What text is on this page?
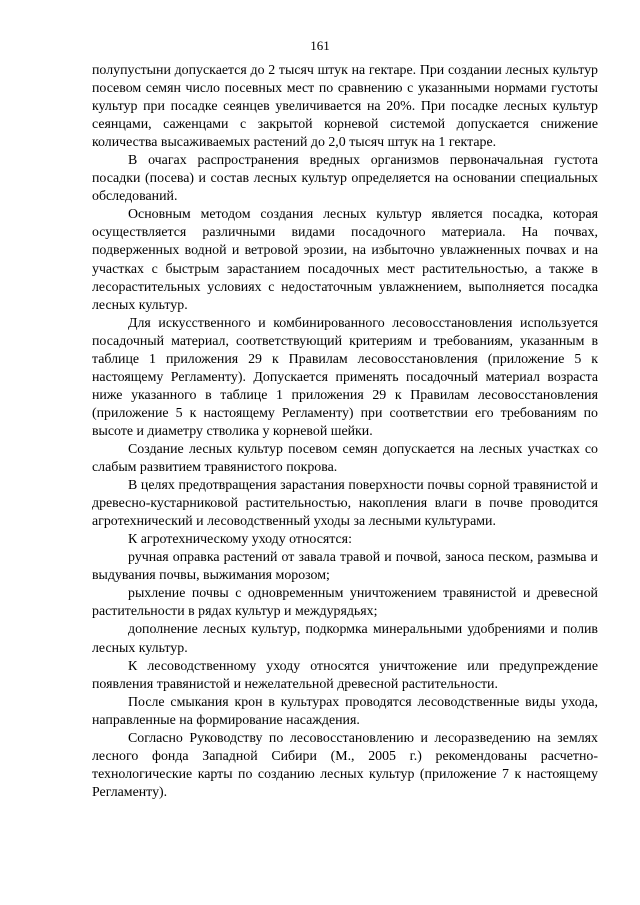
161

полупустыни допускается до 2 тысяч штук на гектаре. При создании лесных культур посевом семян число посевных мест по сравнению с указанными нормами густоты культур при посадке сеянцев увеличивается на 20%. При посадке лесных культур сеянцами, саженцами с закрытой корневой системой допускается снижение количества высаживаемых растений до 2,0 тысяч штук на 1 гектаре.

В очагах распространения вредных организмов первоначальная густота посадки (посева) и состав лесных культур определяется на основании специальных обследований.

Основным методом создания лесных культур является посадка, которая осуществляется различными видами посадочного материала. На почвах, подверженных водной и ветровой эрозии, на избыточно увлажненных почвах и на участках с быстрым зарастанием посадочных мест растительностью, а также в лесорастительных условиях с недостаточным увлажнением, выполняется посадка лесных культур.

Для искусственного и комбинированного лесовосстановления используется посадочный материал, соответствующий критериям и требованиям, указанным в таблице 1 приложения 29 к Правилам лесовосстановления (приложение 5 к настоящему Регламенту). Допускается применять посадочный материал возраста ниже указанного в таблице 1 приложения 29 к Правилам лесовосстановления (приложение 5 к настоящему Регламенту) при соответствии его требованиям по высоте и диаметру стволика у корневой шейки.

Создание лесных культур посевом семян допускается на лесных участках со слабым развитием травянистого покрова.

В целях предотвращения зарастания поверхности почвы сорной травянистой и древесно-кустарниковой растительностью, накопления влаги в почве проводится агротехнический и лесоводственный уходы за лесными культурами.

К агротехническому уходу относятся:

ручная оправка растений от завала травой и почвой, заноса песком, размыва и выдувания почвы, выжимания морозом;

рыхление почвы с одновременным уничтожением травянистой и древесной растительности в рядах культур и междурядьях;

дополнение лесных культур, подкормка минеральными удобрениями и полив лесных культур.

К лесоводственному уходу относятся уничтожение или предупреждение появления травянистой и нежелательной древесной растительности.

После смыкания крон в культурах проводятся лесоводственные виды ухода, направленные на формирование насаждения.

Согласно Руководству по лесовосстановлению и лесоразведению на землях лесного фонда Западной Сибири (М., 2005 г.) рекомендованы расчетно-технологические карты по созданию лесных культур (приложение 7 к настоящему Регламенту).
